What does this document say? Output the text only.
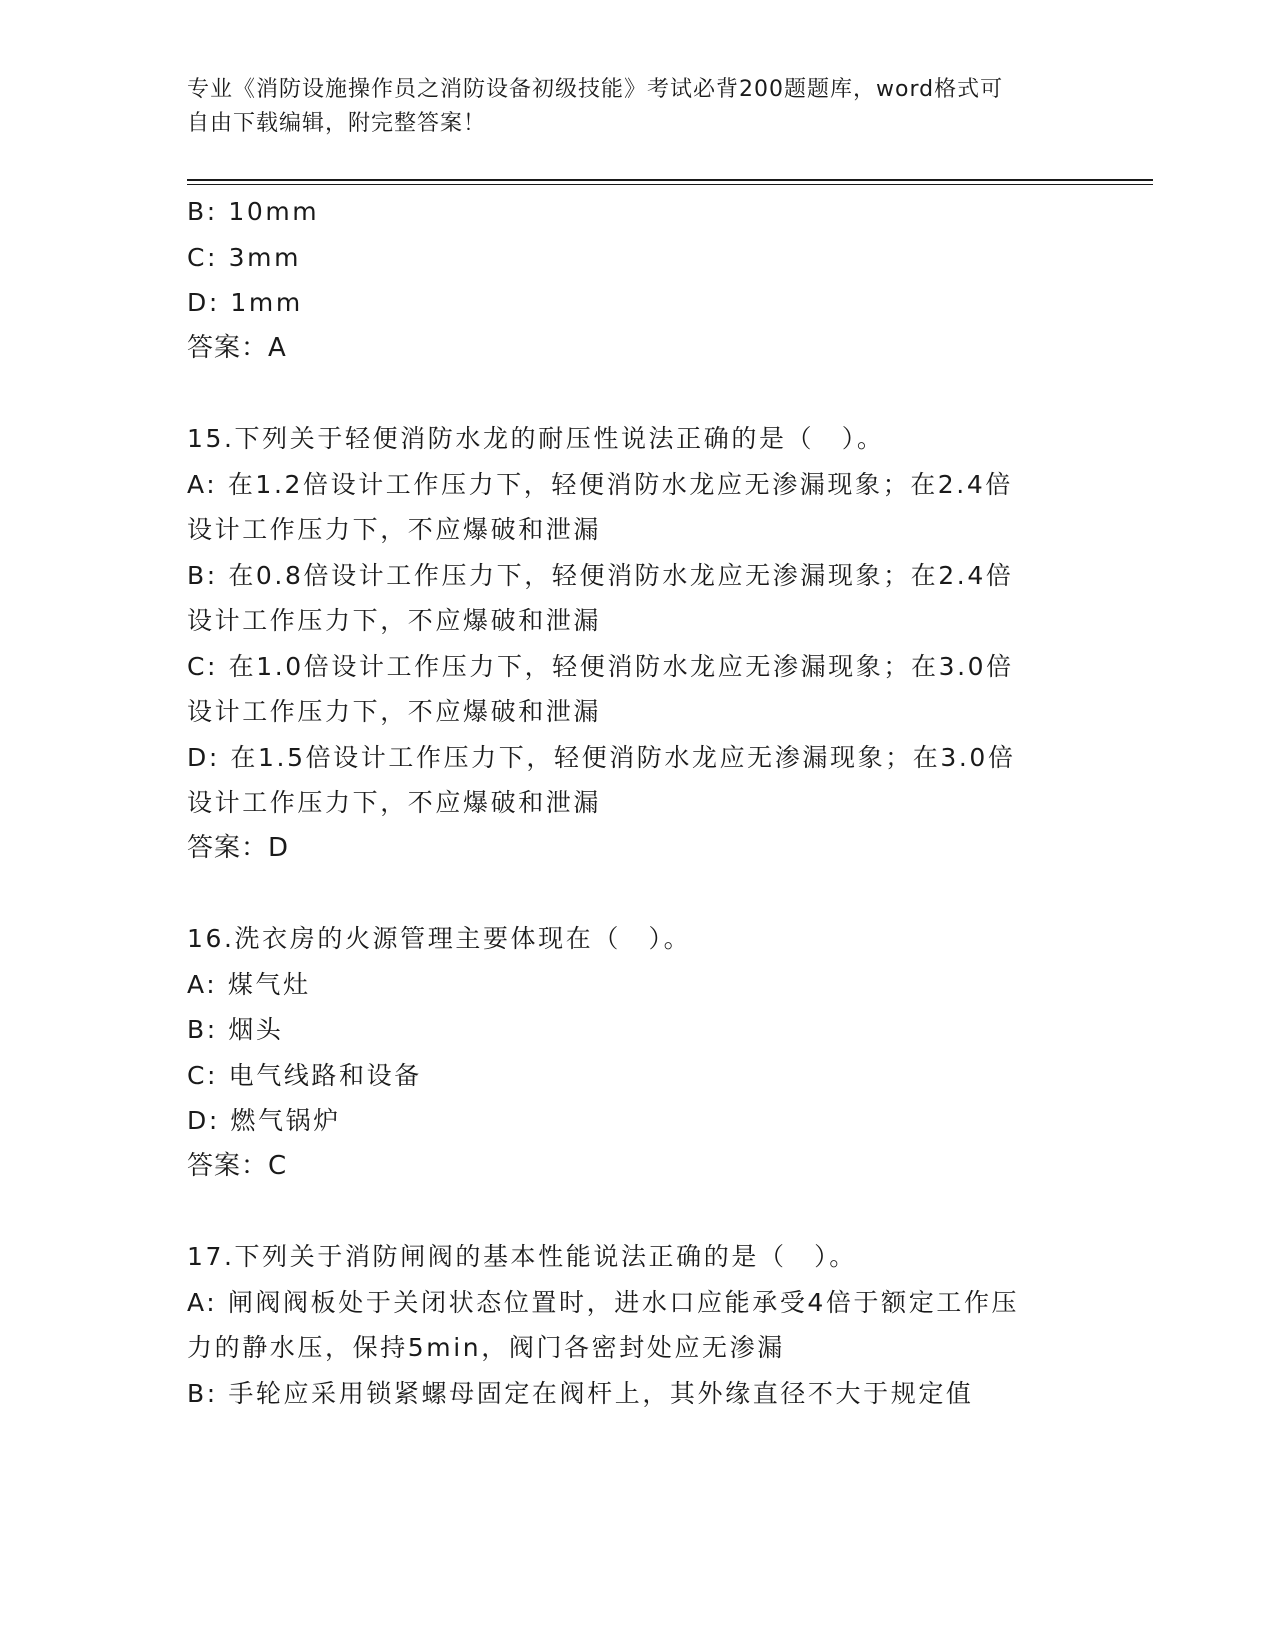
专业《消防设施操作员之消防设备初级技能》考试必背200题题库，word格式可
自由下载编辑，附完整答案！
B: 10mm
C: 3mm
D: 1mm
答案：A
15.下列关于轻便消防水龙的耐压性说法正确的是（　）。
A: 在1.2倍设计工作压力下，轻便消防水龙应无渗漏现象；在2.4倍
设计工作压力下，不应爆破和泄漏
B: 在0.8倍设计工作压力下，轻便消防水龙应无渗漏现象；在2.4倍
设计工作压力下，不应爆破和泄漏
C: 在1.0倍设计工作压力下，轻便消防水龙应无渗漏现象；在3.0倍
设计工作压力下，不应爆破和泄漏
D: 在1.5倍设计工作压力下，轻便消防水龙应无渗漏现象；在3.0倍
设计工作压力下，不应爆破和泄漏
答案：D
16.洗衣房的火源管理主要体现在（　）。
A: 煤气灶
B: 烟头
C: 电气线路和设备
D: 燃气锅炉
答案：C
17.下列关于消防闸阀的基本性能说法正确的是（　）。
A: 闸阀阀板处于关闭状态位置时，进水口应能承受4倍于额定工作压
力的静水压，保持5min，阀门各密封处应无渗漏
B: 手轮应采用锁紧螺母固定在阀杆上，其外缘直径不大于规定值
